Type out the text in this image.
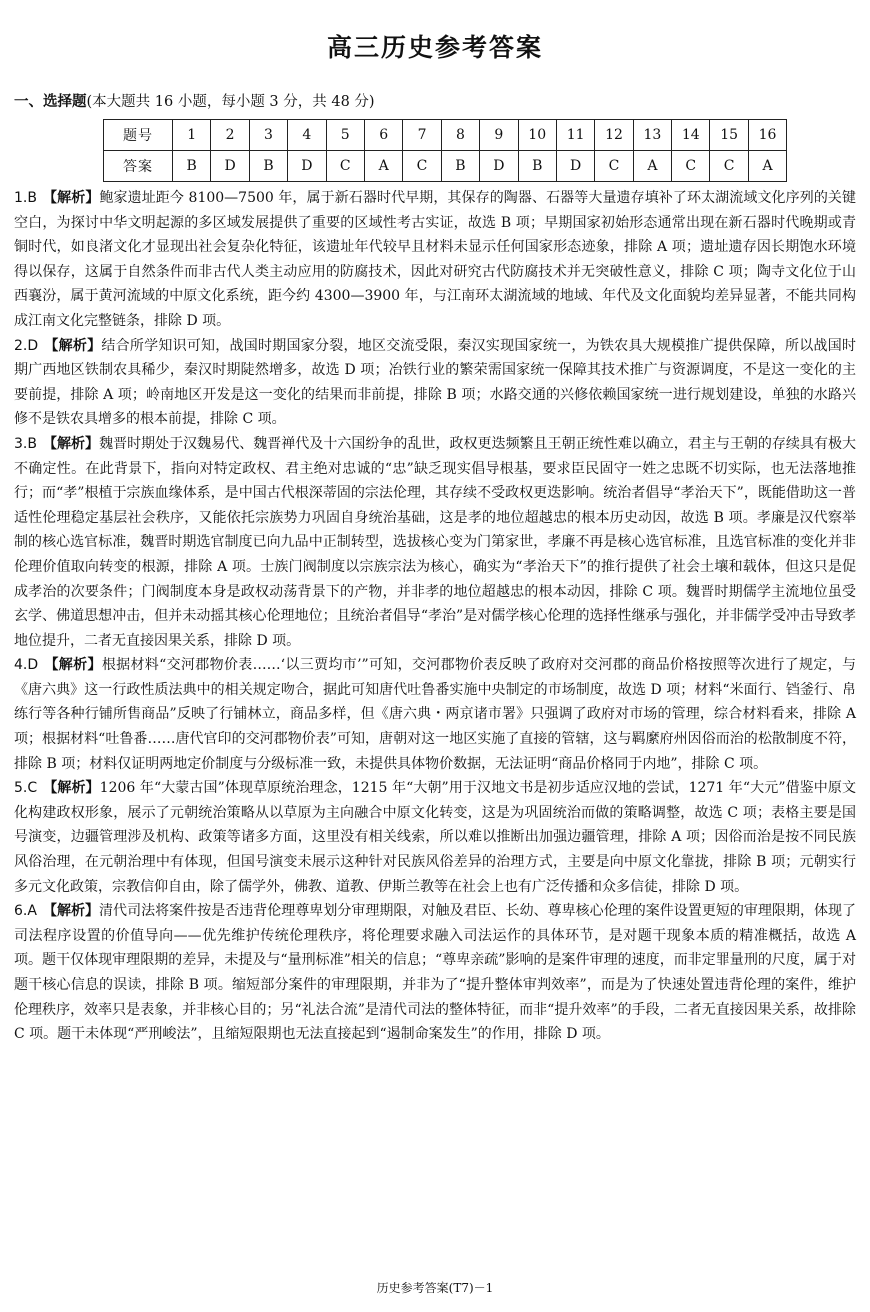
高三历史参考答案
一、选择题(本大题共 16 小题，每小题 3 分，共 48 分)
题号	1	2	3	4	5	6	7	8	9	10	11	12	13	14	15	16
答案	B	D	B	D	C	A	C	B	D	B	D	C	A	C	C	A

1.B 【解析】鲍家遗址距今 8100—7500 年，属于新石器时代早期，其保存的陶器、石器等大量遗存填补了环太湖流域文化序列的关键空白，为探讨中华文明起源的多区域发展提供了重要的区域性考古实证，故选 B 项；早期国家初始形态通常出现在新石器时代晚期或青铜时代，如良渚文化才显现出社会复杂化特征，该遗址年代较早且材料未显示任何国家形态迹象，排除 A 项；遗址遗存因长期饱水环境得以保存，这属于自然条件而非古代人类主动应用的防腐技术，因此对研究古代防腐技术并无突破性意义，排除 C 项；陶寺文化位于山西襄汾，属于黄河流域的中原文化系统，距今约 4300—3900 年，与江南环太湖流域的地域、年代及文化面貌均差异显著，不能共同构成江南文化完整链条，排除 D 项。

2.D 【解析】结合所学知识可知，战国时期国家分裂，地区交流受限，秦汉实现国家统一，为铁农具大规模推广提供保障，所以战国时期广西地区铁制农具稀少，秦汉时期陡然增多，故选 D 项；冶铁行业的繁荣需国家统一保障其技术推广与资源调度，不是这一变化的主要前提，排除 A 项；岭南地区开发是这一变化的结果而非前提，排除 B 项；水路交通的兴修依赖国家统一进行规划建设，单独的水路兴修不是铁农具增多的根本前提，排除 C 项。

3.B 【解析】魏晋时期处于汉魏易代、魏晋禅代及十六国纷争的乱世，政权更迭频繁且王朝正统性难以确立，君主与王朝的存续具有极大不确定性。在此背景下，指向对特定政权、君主绝对忠诚的“忠”缺乏现实倡导根基，要求臣民固守一姓之忠既不切实际，也无法落地推行；而“孝”根植于宗族血缘体系，是中国古代根深蒂固的宗法伦理，其存续不受政权更迭影响。统治者倡导“孝治天下”，既能借助这一普适性伦理稳定基层社会秩序，又能依托宗族势力巩固自身统治基础，这是孝的地位超越忠的根本历史动因，故选 B 项。孝廉是汉代察举制的核心选官标准，魏晋时期选官制度已向九品中正制转型，选拔核心变为门第家世，孝廉不再是核心选官标准，且选官标准的变化并非伦理价值取向转变的根源，排除 A 项。士族门阀制度以宗族宗法为核心，确实为“孝治天下”的推行提供了社会土壤和载体，但这只是促成孝治的次要条件；门阀制度本身是政权动荡背景下的产物，并非孝的地位超越忠的根本动因，排除 C 项。魏晋时期儒学主流地位虽受玄学、佛道思想冲击，但并未动摇其核心伦理地位；且统治者倡导“孝治”是对儒学核心伦理的选择性继承与强化，并非儒学受冲击导致孝地位提升，二者无直接因果关系，排除 D 项。

4.D 【解析】根据材料“交河郡物价表……‘以三贾均市’”可知，交河郡物价表反映了政府对交河郡的商品价格按照等次进行了规定，与《唐六典》这一行政性质法典中的相关规定吻合，据此可知唐代吐鲁番实施中央制定的市场制度，故选 D 项；材料“米面行、铛釜行、帛练行等各种行铺所售商品”反映了行铺林立，商品多样，但《唐六典・两京诸市署》只强调了政府对市场的管理，综合材料看来，排除 A 项；根据材料“吐鲁番……唐代官印的交河郡物价表”可知，唐朝对这一地区实施了直接的管辖，这与羁縻府州因俗而治的松散制度不符，排除 B 项；材料仅证明两地定价制度与分级标准一致，未提供具体物价数据，无法证明“商品价格同于内地”，排除 C 项。

5.C 【解析】1206 年“大蒙古国”体现草原统治理念，1215 年“大朝”用于汉地文书是初步适应汉地的尝试，1271 年“大元”借鉴中原文化构建政权形象，展示了元朝统治策略从以草原为主向融合中原文化转变，这是为巩固统治而做的策略调整，故选 C 项；表格主要是国号演变，边疆管理涉及机构、政策等诸多方面，这里没有相关线索，所以难以推断出加强边疆管理，排除 A 项；因俗而治是按不同民族风俗治理，在元朝治理中有体现，但国号演变未展示这种针对民族风俗差异的治理方式，主要是向中原文化靠拢，排除 B 项；元朝实行多元文化政策，宗教信仰自由，除了儒学外，佛教、道教、伊斯兰教等在社会上也有广泛传播和众多信徒，排除 D 项。

6.A 【解析】清代司法将案件按是否违背伦理尊卑划分审理期限，对触及君臣、长幼、尊卑核心伦理的案件设置更短的审理限期，体现了司法程序设置的价值导向——优先维护传统伦理秩序，将伦理要求融入司法运作的具体环节，是对题干现象本质的精准概括，故选 A 项。题干仅体现审理限期的差异，未提及与“量刑标准”相关的信息；“尊卑亲疏”影响的是案件审理的速度，而非定罪量刑的尺度，属于对题干核心信息的误读，排除 B 项。缩短部分案件的审理限期，并非为了“提升整体审判效率”，而是为了快速处置违背伦理的案件，维护伦理秩序，效率只是表象，并非核心目的；另“礼法合流”是清代司法的整体特征，而非“提升效率”的手段，二者无直接因果关系，故排除 C 项。题干未体现“严刑峻法”，且缩短限期也无法直接起到“遏制命案发生”的作用，排除 D 项。

历史参考答案(T7)－1
